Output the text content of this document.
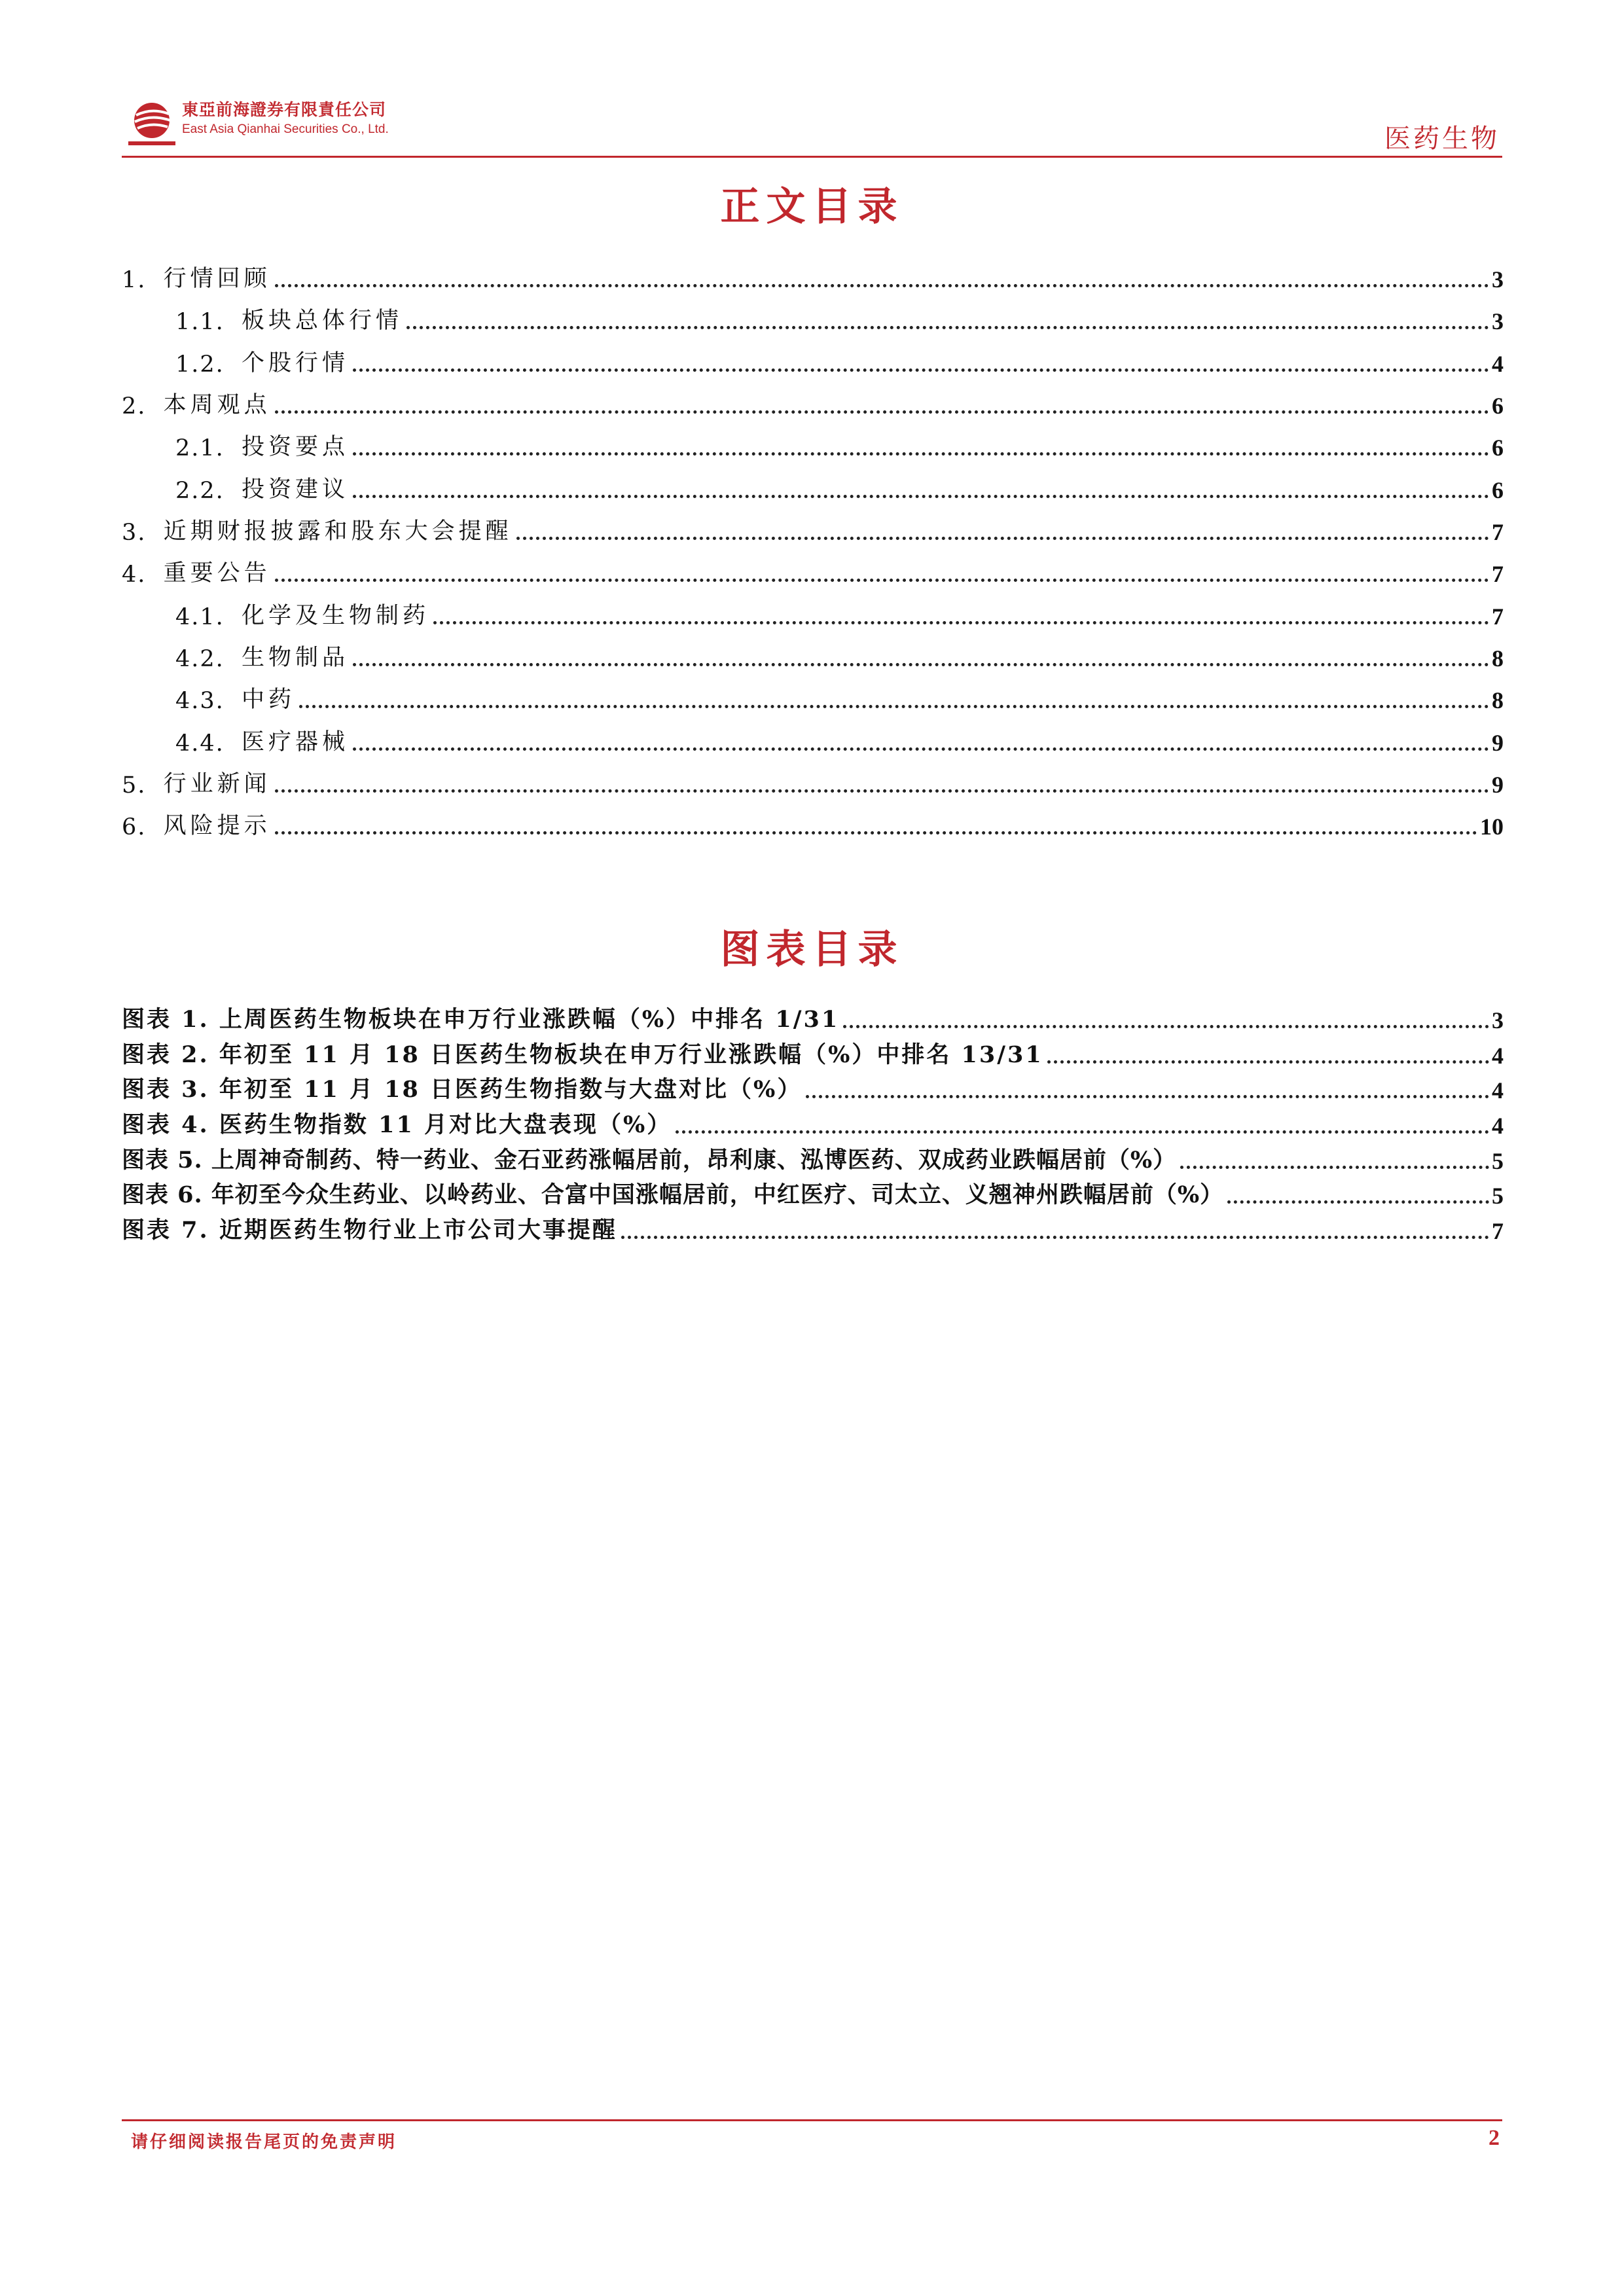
東亞前海證券有限責任公司
East Asia Qianhai Securities Co., Ltd.	医药生物
正文目录
1. 行情回顾	3
1.1. 板块总体行情	3
1.2. 个股行情	4
2. 本周观点	6
2.1. 投资要点	6
2.2. 投资建议	6
3. 近期财报披露和股东大会提醒	7
4. 重要公告	7
4.1. 化学及生物制药	7
4.2. 生物制品	8
4.3. 中药	8
4.4. 医疗器械	9
5. 行业新闻	9
6. 风险提示	10
图表目录
图表 1. 上周医药生物板块在申万行业涨跌幅（%）中排名 1/31	3
图表 2. 年初至 11 月 18 日医药生物板块在申万行业涨跌幅（%）中排名 13/31	4
图表 3. 年初至 11 月 18 日医药生物指数与大盘对比（%）	4
图表 4. 医药生物指数 11 月对比大盘表现（%）	4
图表 5. 上周神奇制药、特一药业、金石亚药涨幅居前，昂利康、泓博医药、双成药业跌幅居前（%）	5
图表 6. 年初至今众生药业、以岭药业、合富中国涨幅居前，中红医疗、司太立、义翘神州跌幅居前（%）	5
图表 7. 近期医药生物行业上市公司大事提醒	7
请仔细阅读报告尾页的免责声明	2
